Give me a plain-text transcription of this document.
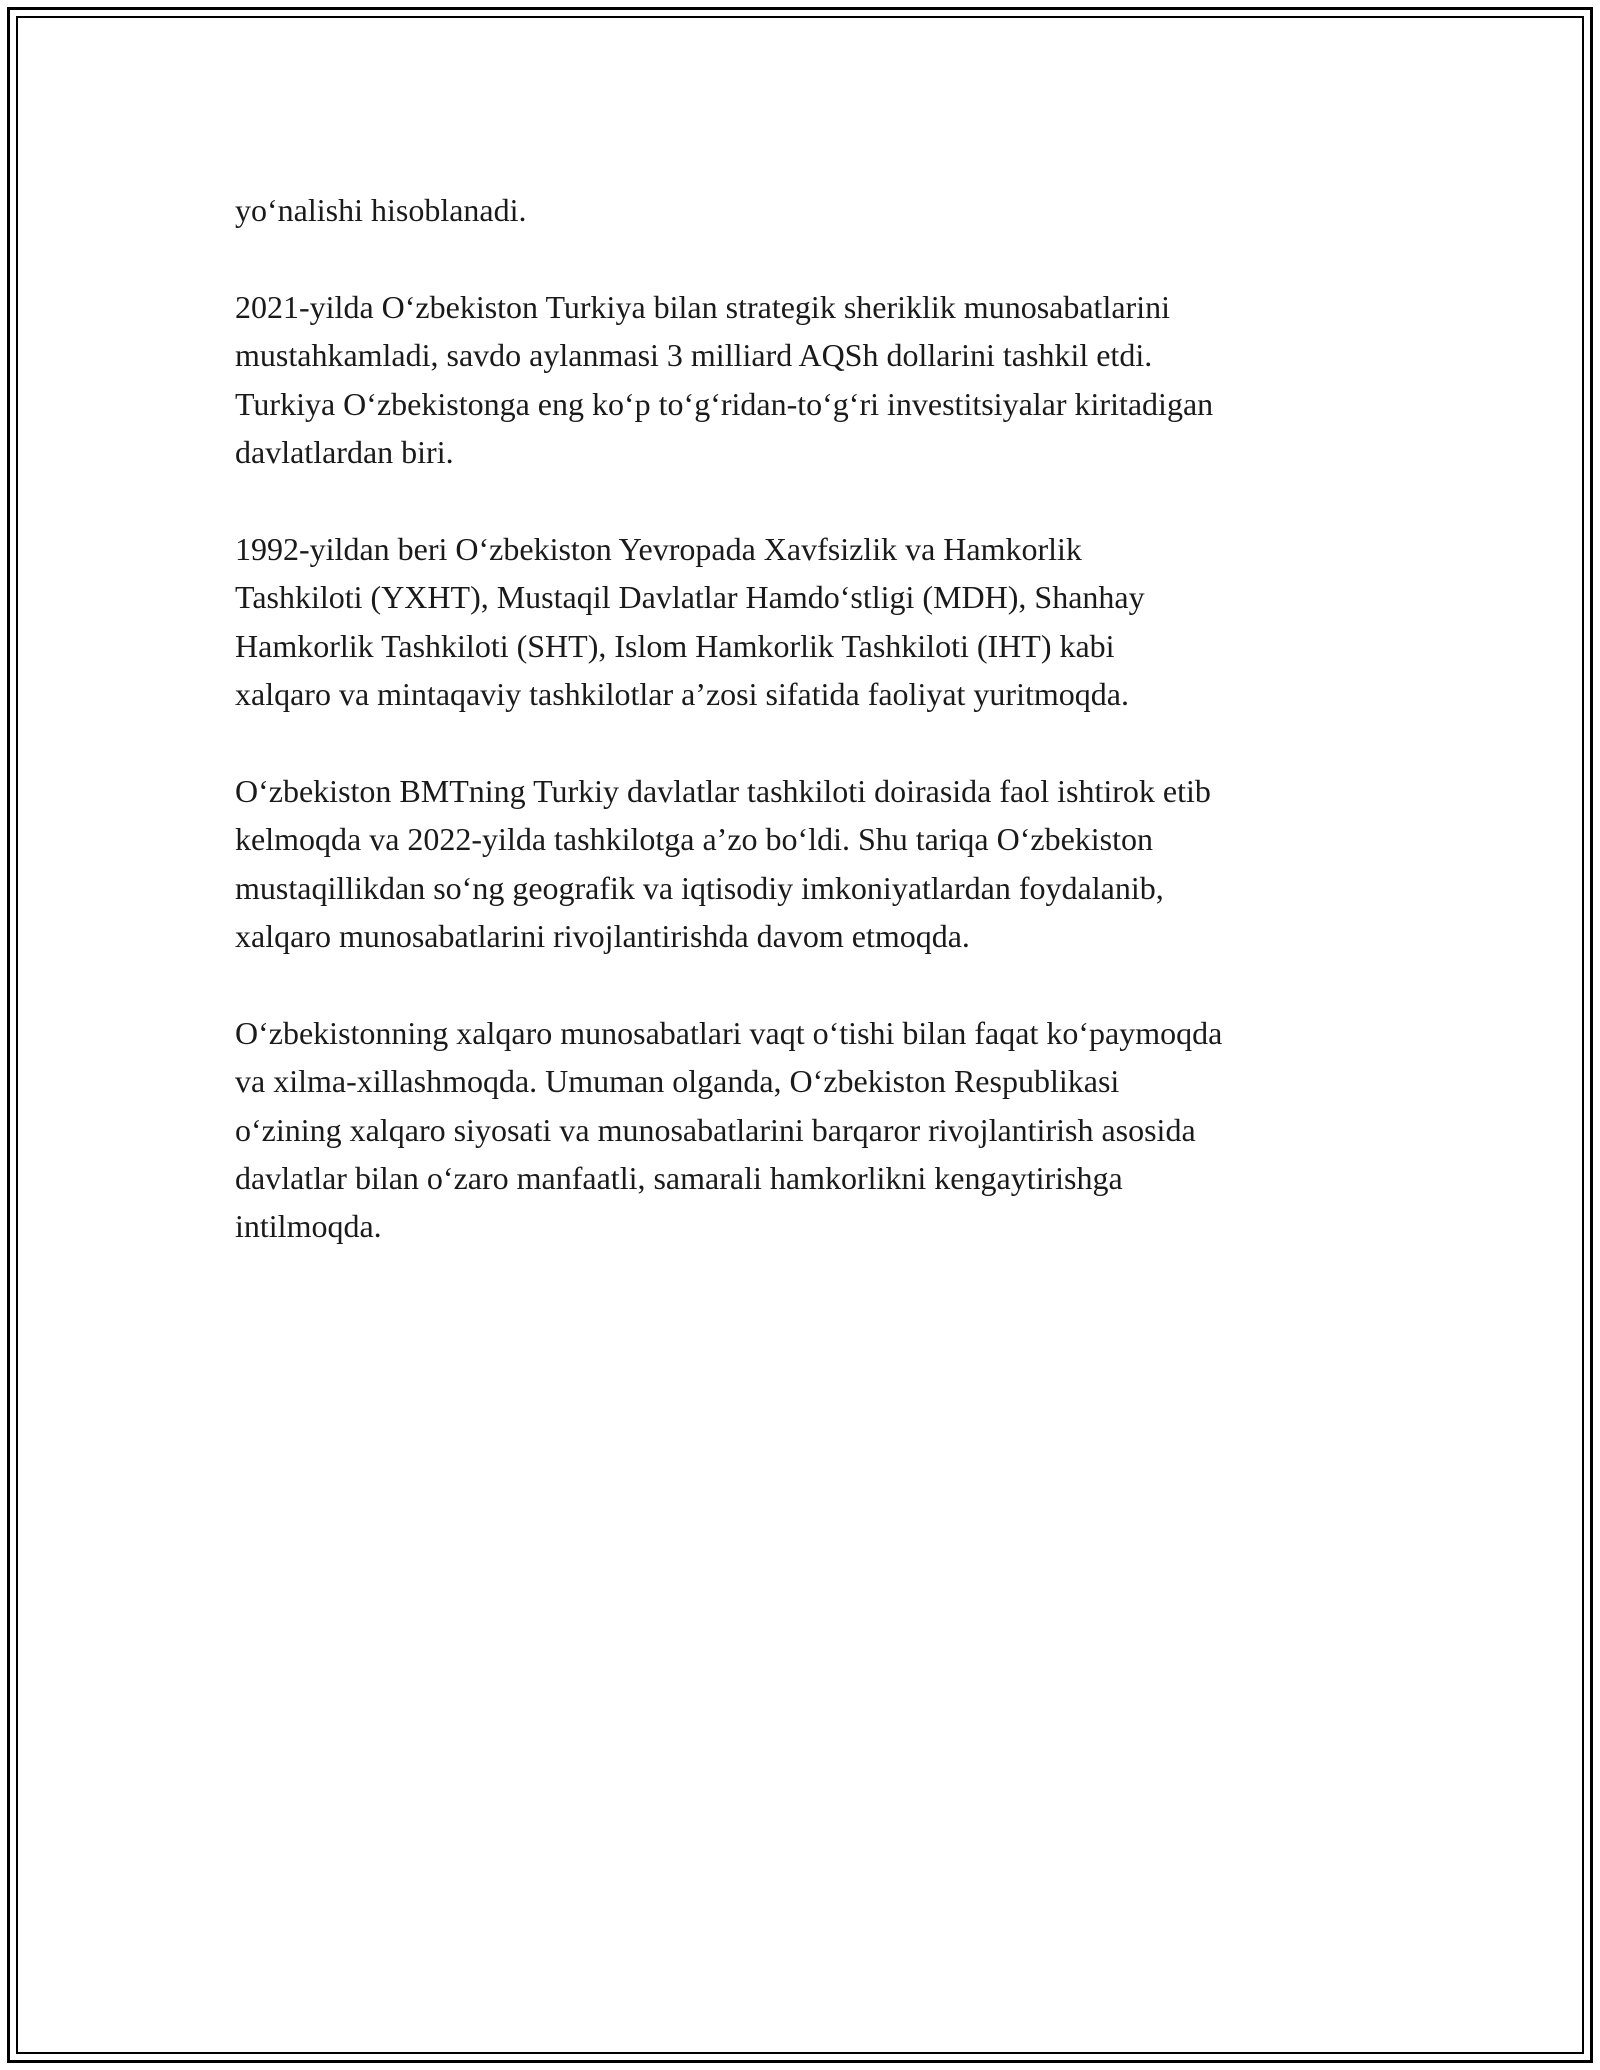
yo‘nalishi hisoblanadi.

2021-yilda O‘zbekiston Turkiya bilan strategik sheriklik munosabatlarini
mustahkamladi, savdo aylanmasi 3 milliard AQSh dollarini tashkil etdi.
Turkiya O‘zbekistonga eng ko‘p to‘g‘ridan-to‘g‘ri investitsiyalar kiritadigan
davlatlardan biri.

1992-yildan beri O‘zbekiston Yevropada Xavfsizlik va Hamkorlik
Tashkiloti (YXHT), Mustaqil Davlatlar Hamdo‘stligi (MDH), Shanhay
Hamkorlik Tashkiloti (SHT), Islom Hamkorlik Tashkiloti (IHT) kabi
xalqaro va mintaqaviy tashkilotlar a’zosi sifatida faoliyat yuritmoqda.

O‘zbekiston BMTning Turkiy davlatlar tashkiloti doirasida faol ishtirok etib
kelmoqda va 2022-yilda tashkilotga a’zo bo‘ldi. Shu tariqa O‘zbekiston
mustaqillikdan so‘ng geografik va iqtisodiy imkoniyatlardan foydalanib,
xalqaro munosabatlarini rivojlantirishda davom etmoqda.

O‘zbekistonning xalqaro munosabatlari vaqt o‘tishi bilan faqat ko‘paymoqda
va xilma-xillashmoqda. Umuman olganda, O‘zbekiston Respublikasi
o‘zining xalqaro siyosati va munosabatlarini barqaror rivojlantirish asosida
davlatlar bilan o‘zaro manfaatli, samarali hamkorlikni kengaytirishga
intilmoqda.
